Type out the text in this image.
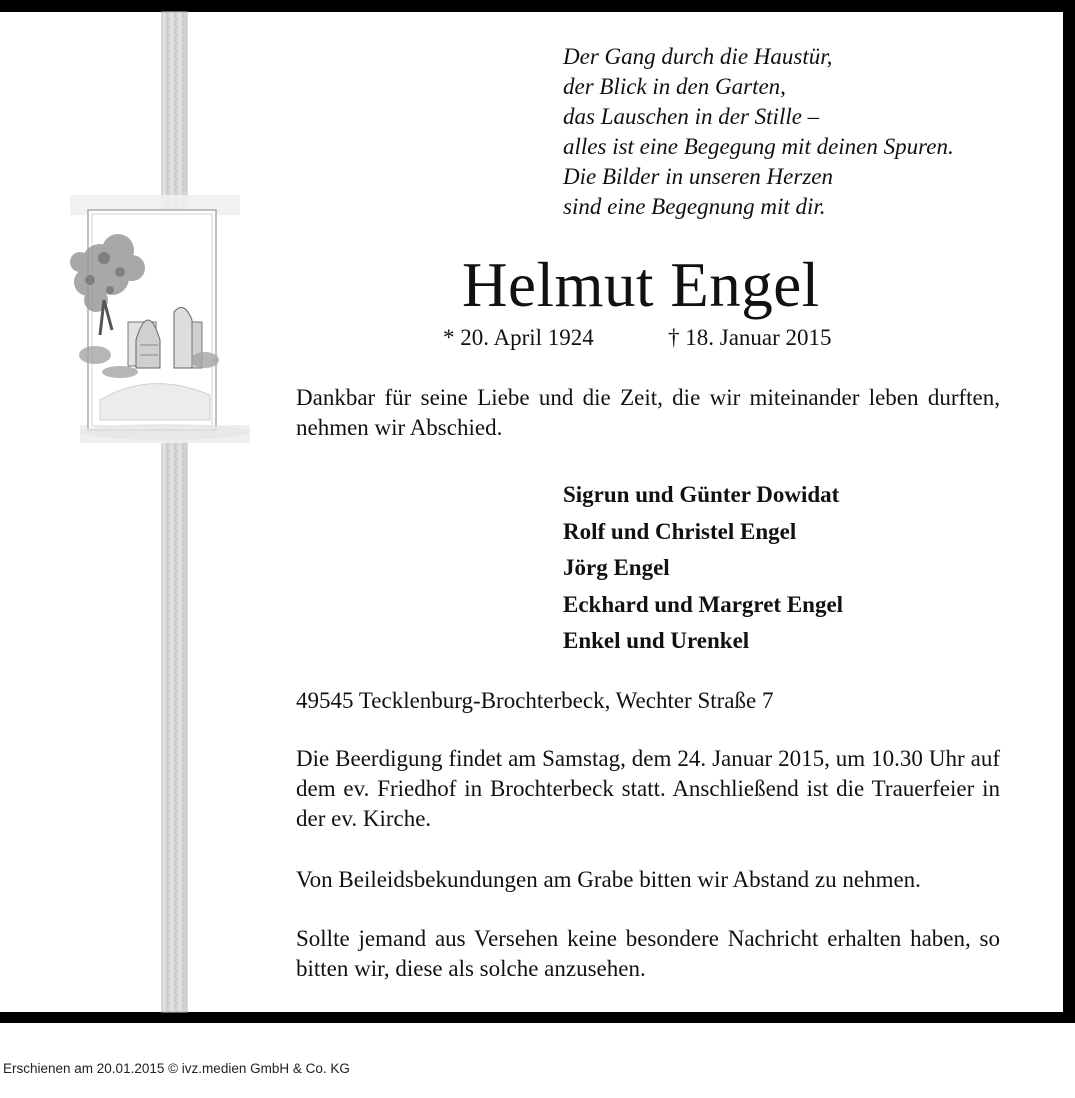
Der Gang durch die Haustür,
der Blick in den Garten,
das Lauschen in der Stille –
alles ist eine Begegung mit deinen Spuren.
Die Bilder in unseren Herzen
sind eine Begegnung mit dir.
Helmut Engel
* 20. April 1924	† 18. Januar 2015
Dankbar für seine Liebe und die Zeit, die wir miteinander leben durften, nehmen wir Abschied.
Sigrun und Günter Dowidat
Rolf und Christel Engel
Jörg Engel
Eckhard und Margret Engel
Enkel und Urenkel
49545 Tecklenburg-Brochterbeck, Wechter Straße 7
Die Beerdigung findet am Samstag, dem 24. Januar 2015, um 10.30 Uhr auf dem ev. Friedhof in Brochterbeck statt. Anschließend ist die Trauerfeier in der ev. Kirche.
Von Beileidsbekundungen am Grabe bitten wir Abstand zu nehmen.
Sollte jemand aus Versehen keine besondere Nachricht erhalten haben, so bitten wir, diese als solche anzusehen.
Erschienen am 20.01.2015 © ivz.medien GmbH & Co. KG
